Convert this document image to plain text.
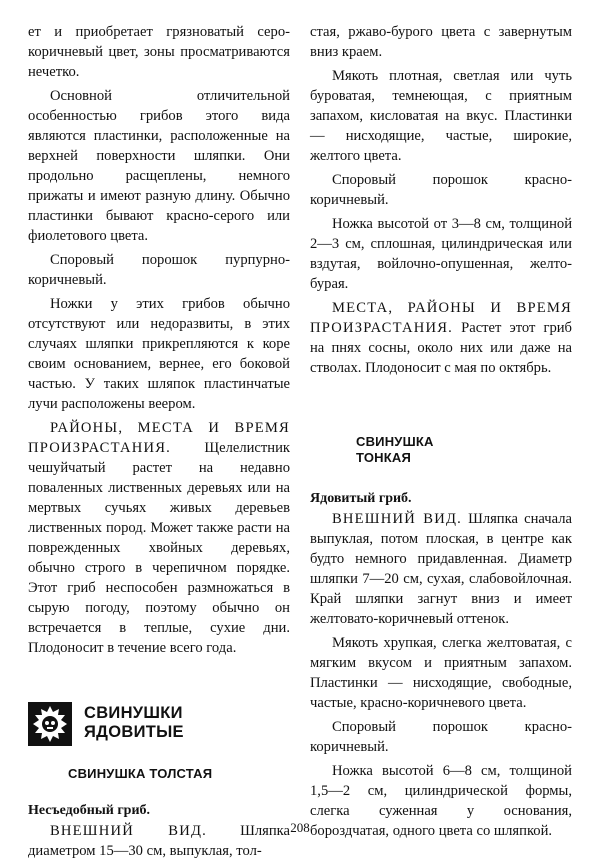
ет и приобретает грязноватый серо-коричневый цвет, зоны просматриваются нечетко.

Основной отличительной особенностью грибов этого вида являются пластинки, расположенные на верхней поверхности шляпки. Они продольно расщеплены, немного прижаты и имеют разную длину. Обычно пластинки бывают красно-серого или фиолетового цвета.

Споровый порошок пурпурно-коричневый.

Ножки у этих грибов обычно отсутствуют или недоразвиты, в этих случаях шляпки прикрепляются к коре своим основанием, вернее, его боковой частью. У таких шляпок пластинчатые лучи расположены веером.

РАЙОНЫ, МЕСТА И ВРЕМЯ ПРОИЗРАСТАНИЯ. Щелелистник чешуйчатый растет на недавно поваленных лиственных деревьях или на мертвых сучьях живых деревьев лиственных пород. Может также расти на поврежденных хвойных деревьях, обычно строго в черепичном порядке. Этот гриб неспособен размножаться в сырую погоду, поэтому обычно он встречается в теплые, сухие дни. Плодоносит в течение всего года.

СВИНУШКИ
ЯДОВИТЫЕ
СВИНУШКА ТОЛСТАЯ
Несъедобный гриб.

ВНЕШНИЙ ВИД. Шляпка диаметром 15—30 см, выпуклая, тол-

стая, ржаво-бурого цвета с завернутым вниз краем.

Мякоть плотная, светлая или чуть буроватая, темнеющая, с приятным запахом, кисловатая на вкус. Пластинки — нисходящие, частые, широкие, желтого цвета.

Споровый порошок красно-коричневый.

Ножка высотой от 3—8 см, толщиной 2—3 см, сплошная, цилиндрическая или вздутая, войлочно-опушенная, желто-бурая.

МЕСТА, РАЙОНЫ И ВРЕМЯ ПРОИЗРАСТАНИЯ. Растет этот гриб на пнях сосны, около них или даже на стволах. Плодоносит с мая по октябрь.

СВИНУШКА
ТОНКАЯ
Ядовитый гриб.

ВНЕШНИЙ ВИД. Шляпка сначала выпуклая, потом плоская, в центре как будто немного придавленная. Диаметр шляпки 7—20 см, сухая, слабовойлочная. Край шляпки загнут вниз и имеет желтовато-коричневый оттенок.

Мякоть хрупкая, слегка желтоватая, с мягким вкусом и приятным запахом. Пластинки — нисходящие, свободные, частые, красно-коричневого цвета.

Споровый порошок красно-коричневый.

Ножка высотой 6—8 см, толщиной 1,5—2 см, цилиндрической формы, слегка суженная у основания, бороздчатая, одного цвета со шляпкой.

208
